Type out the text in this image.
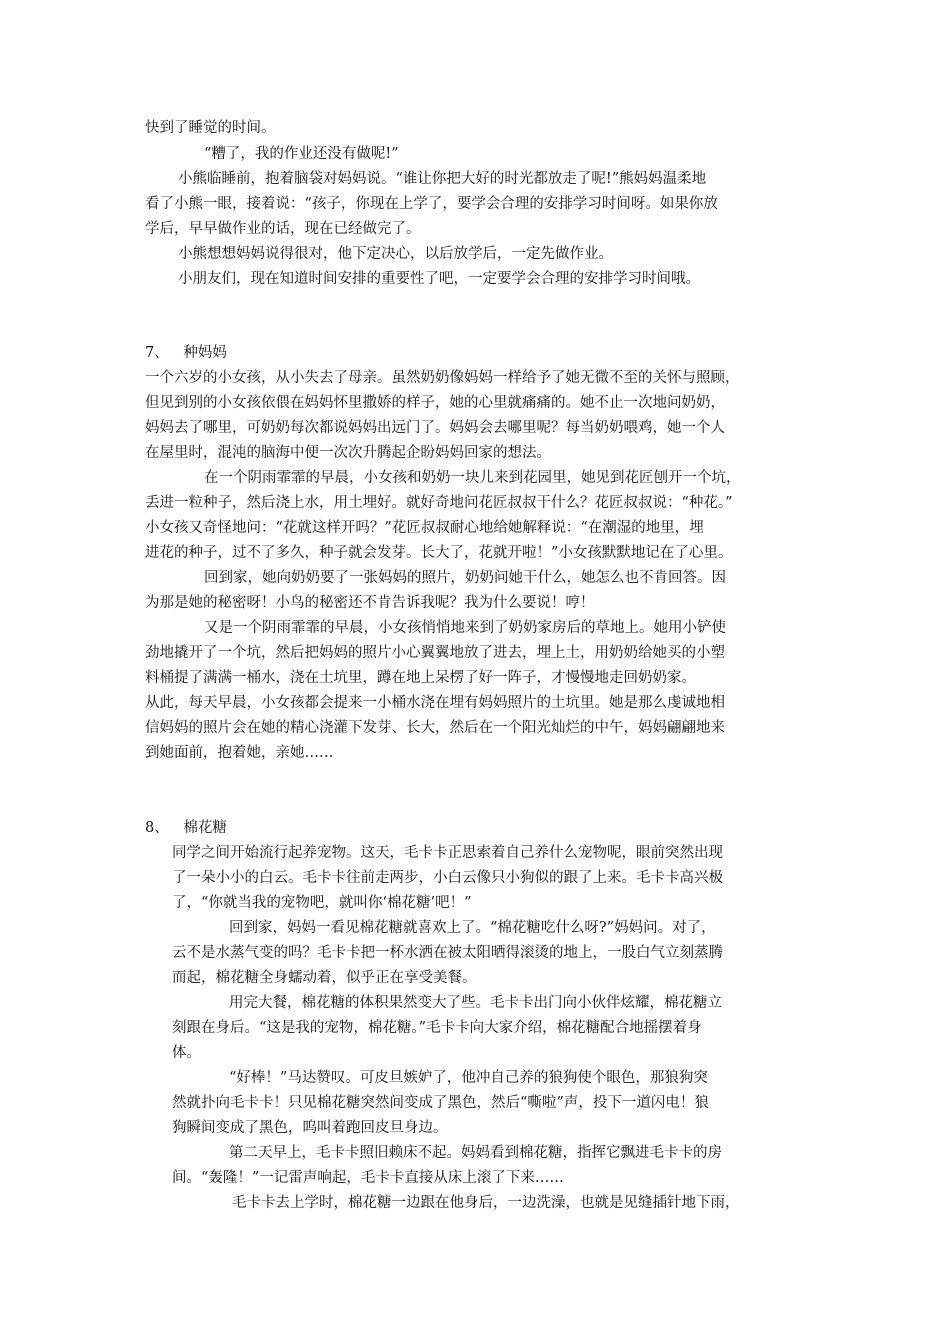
快到了睡觉的时间。
“糟了，我的作业还没有做呢!”
小熊临睡前，抱着脑袋对妈妈说。“谁让你把大好的时光都放走了呢!”熊妈妈温柔地
看了小熊一眼，接着说：“孩子，你现在上学了，要学会合理的安排学习时间呀。如果你放
学后，早早做作业的话，现在已经做完了。
小熊想想妈妈说得很对，他下定决心，以后放学后，一定先做作业。
小朋友们，现在知道时间安排的重要性了吧，一定要学会合理的安排学习时间哦。
7、 种妈妈
一个六岁的小女孩，从小失去了母亲。虽然奶奶像妈妈一样给予了她无微不至的关怀与照顾，
但见到别的小女孩依偎在妈妈怀里撒娇的样子，她的心里就痛痛的。她不止一次地问奶奶，
妈妈去了哪里，可奶奶每次都说妈妈出远门了。妈妈会去哪里呢？每当奶奶喂鸡，她一个人
在屋里时，混沌的脑海中便一次次升腾起企盼妈妈回家的想法。
在一个阴雨霏霏的早晨，小女孩和奶奶一块儿来到花园里，她见到花匠刨开一个坑，
丢进一粒种子，然后浇上水，用土埋好。就好奇地问花匠叔叔干什么？花匠叔叔说：“种花。”
小女孩又奇怪地问：“花就这样开吗？”花匠叔叔耐心地给她解释说：“在潮湿的地里，埋
进花的种子，过不了多久，种子就会发芽。长大了，花就开啦！”小女孩默默地记在了心里。
回到家，她向奶奶要了一张妈妈的照片，奶奶问她干什么，她怎么也不肯回答。因
为那是她的秘密呀！小鸟的秘密还不肯告诉我呢？我为什么要说！哼！
又是一个阴雨霏霏的早晨，小女孩悄悄地来到了奶奶家房后的草地上。她用小铲使
劲地撬开了一个坑，然后把妈妈的照片小心翼翼地放了进去，埋上土，用奶奶给她买的小塑
料桶提了满满一桶水，浇在土坑里，蹲在地上呆楞了好一阵子，才慢慢地走回奶奶家。
从此，每天早晨，小女孩都会提来一小桶水浇在埋有妈妈照片的土坑里。她是那么虔诚地相
信妈妈的照片会在她的精心浇灌下发芽、长大，然后在一个阳光灿烂的中午，妈妈翩翩地来
到她面前，抱着她，亲她……
8、 棉花糖
同学之间开始流行起养宠物。这天，毛卡卡正思索着自己养什么宠物呢，眼前突然出现
了一朵小小的白云。毛卡卡往前走两步，小白云像只小狗似的跟了上来。毛卡卡高兴极
了，“你就当我的宠物吧，就叫你‘棉花糖’吧！”
回到家，妈妈一看见棉花糖就喜欢上了。“棉花糖吃什么呀?”妈妈问。对了，
云不是水蒸气变的吗？毛卡卡把一杯水洒在被太阳晒得滚烫的地上，一股白气立刻蒸腾
而起，棉花糖全身蠕动着，似乎正在享受美餐。
用完大餐，棉花糖的体积果然变大了些。毛卡卡出门向小伙伴炫耀，棉花糖立
刻跟在身后。“这是我的宠物，棉花糖。”毛卡卡向大家介绍，棉花糖配合地摇摆着身
体。
“好棒！”马达赞叹。可皮旦嫉妒了，他冲自己养的狼狗使个眼色，那狼狗突
然就扑向毛卡卡！只见棉花糖突然间变成了黑色，然后“嘶啦”声，投下一道闪电！狼
狗瞬间变成了黑色，呜叫着跑回皮旦身边。
第二天早上，毛卡卡照旧赖床不起。妈妈看到棉花糖，指挥它飘进毛卡卡的房
间。“轰隆！”一记雷声响起，毛卡卡直接从床上滚了下来……
毛卡卡去上学时，棉花糖一边跟在他身后，一边洗澡，也就是见缝插针地下雨，
